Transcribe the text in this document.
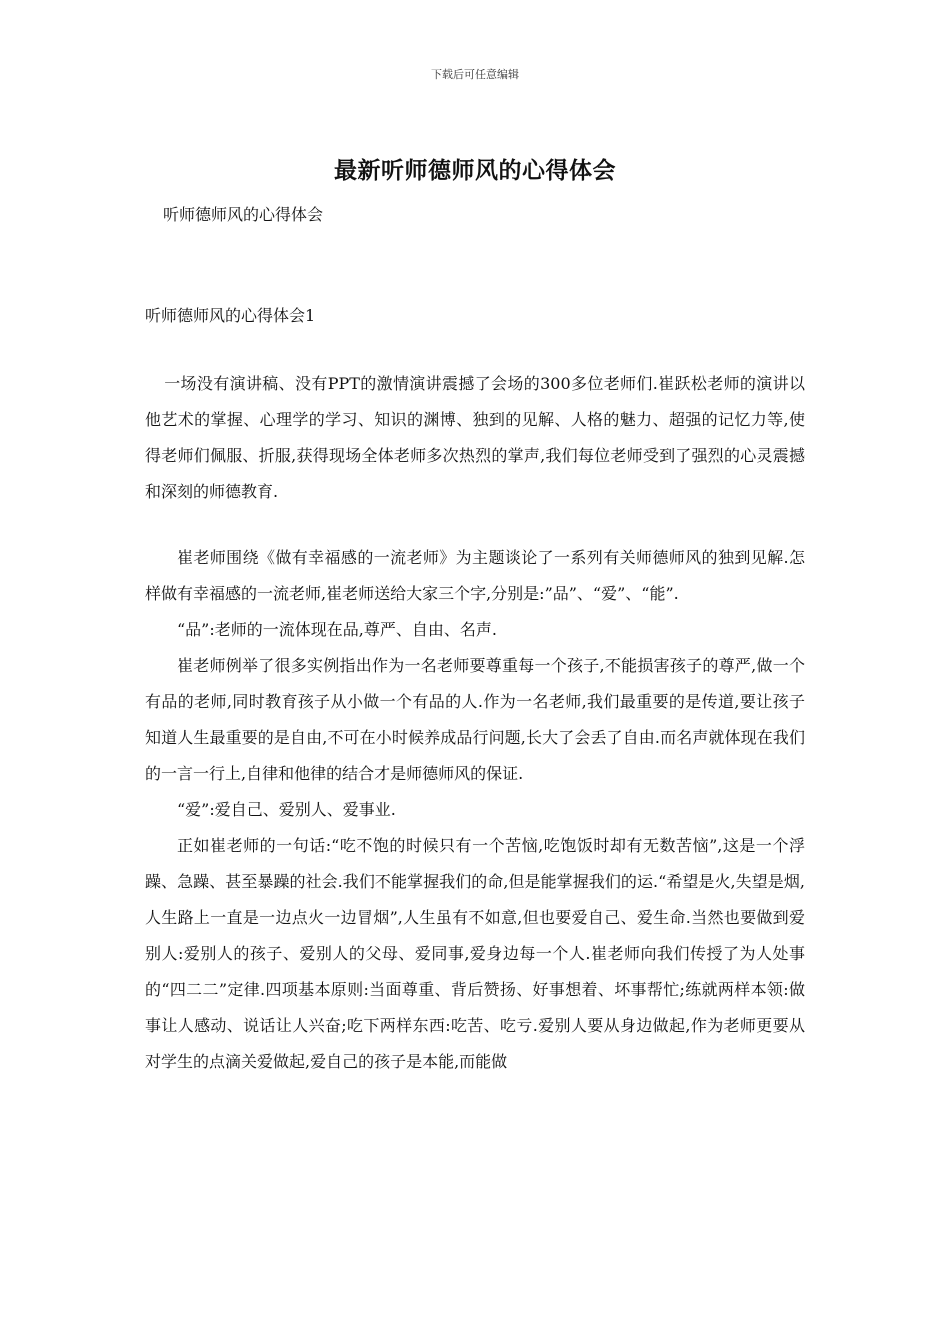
下载后可任意编辑
最新听师德师风的心得体会
听师德师风的心得体会
听师德师风的心得体会1

一场没有演讲稿、没有PPT的激情演讲震撼了会场的300多位老师们.崔跃松老师的演讲以他艺术的掌握、心理学的学习、知识的渊博、独到的见解、人格的魅力、超强的记忆力等,使得老师们佩服、折服,获得现场全体老师多次热烈的掌声,我们每位老师受到了强烈的心灵震撼和深刻的师德教育.

崔老师围绕《做有幸福感的一流老师》为主题谈论了一系列有关师德师风的独到见解.怎样做有幸福感的一流老师,崔老师送给大家三个字,分别是:”品”、“爱”、“能”.

“品”:老师的一流体现在品,尊严、自由、名声.

崔老师例举了很多实例指出作为一名老师要尊重每一个孩子,不能损害孩子的尊严,做一个有品的老师,同时教育孩子从小做一个有品的人.作为一名老师,我们最重要的是传道,要让孩子知道人生最重要的是自由,不可在小时候养成品行问题,长大了会丢了自由.而名声就体现在我们的一言一行上,自律和他律的结合才是师德师风的保证.

“爱”:爱自己、爱别人、爱事业.

正如崔老师的一句话:“吃不饱的时候只有一个苦恼,吃饱饭时却有无数苦恼”,这是一个浮躁、急躁、甚至暴躁的社会.我们不能掌握我们的命,但是能掌握我们的运.“希望是火,失望是烟,人生路上一直是一边点火一边冒烟”,人生虽有不如意,但也要爱自己、爱生命.当然也要做到爱别人:爱别人的孩子、爱别人的父母、爱同事,爱身边每一个人.崔老师向我们传授了为人处事的“四二二”定律.四项基本原则:当面尊重、背后赞扬、好事想着、坏事帮忙;练就两样本领:做事让人感动、说话让人兴奋;吃下两样东西:吃苦、吃亏.爱别人要从身边做起,作为老师更要从对学生的点滴关爱做起,爱自己的孩子是本能,而能做
